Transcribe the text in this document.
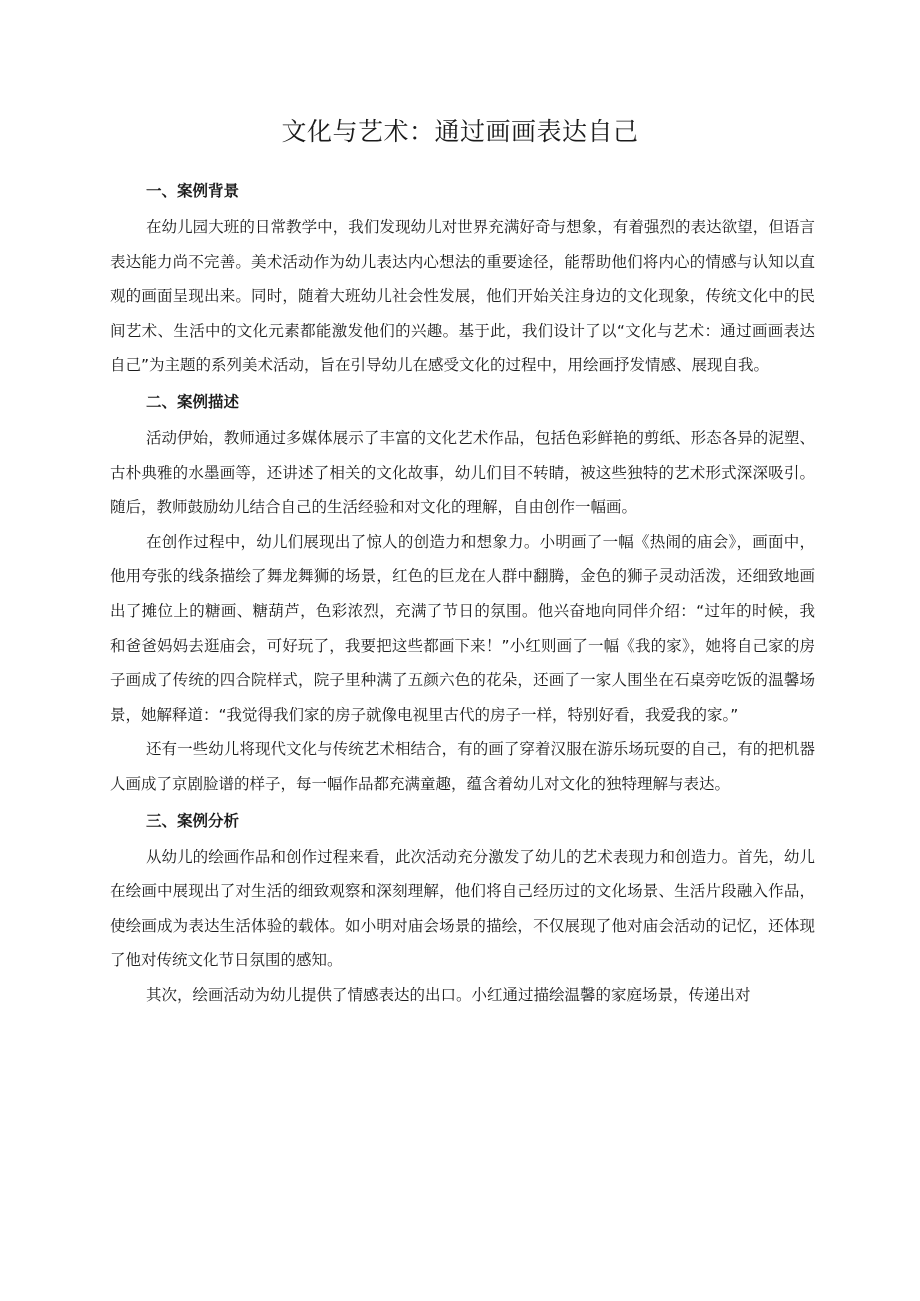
文化与艺术：通过画画表达自己
一、案例背景

在幼儿园大班的日常教学中，我们发现幼儿对世界充满好奇与想象，有着强烈的表达欲望，但语言表达能力尚不完善。美术活动作为幼儿表达内心想法的重要途径，能帮助他们将内心的情感与认知以直观的画面呈现出来。同时，随着大班幼儿社会性发展，他们开始关注身边的文化现象，传统文化中的民间艺术、生活中的文化元素都能激发他们的兴趣。基于此，我们设计了以“文化与艺术：通过画画表达自己”为主题的系列美术活动，旨在引导幼儿在感受文化的过程中，用绘画抒发情感、展现自我。

二、案例描述

活动伊始，教师通过多媒体展示了丰富的文化艺术作品，包括色彩鲜艳的剪纸、形态各异的泥塑、古朴典雅的水墨画等，还讲述了相关的文化故事，幼儿们目不转睛，被这些独特的艺术形式深深吸引。随后，教师鼓励幼儿结合自己的生活经验和对文化的理解，自由创作一幅画。

在创作过程中，幼儿们展现出了惊人的创造力和想象力。小明画了一幅《热闹的庙会》，画面中，他用夸张的线条描绘了舞龙舞狮的场景，红色的巨龙在人群中翻腾，金色的狮子灵动活泼，还细致地画出了摊位上的糖画、糖葫芦，色彩浓烈，充满了节日的氛围。他兴奋地向同伴介绍：“过年的时候，我和爸爸妈妈去逛庙会，可好玩了，我要把这些都画下来！”小红则画了一幅《我的家》，她将自己家的房子画成了传统的四合院样式，院子里种满了五颜六色的花朵，还画了一家人围坐在石桌旁吃饭的温馨场景，她解释道：“我觉得我们家的房子就像电视里古代的房子一样，特别好看，我爱我的家。”

还有一些幼儿将现代文化与传统艺术相结合，有的画了穿着汉服在游乐场玩耍的自己，有的把机器人画成了京剧脸谱的样子，每一幅作品都充满童趣，蕴含着幼儿对文化的独特理解与表达。

三、案例分析

从幼儿的绘画作品和创作过程来看，此次活动充分激发了幼儿的艺术表现力和创造力。首先，幼儿在绘画中展现出了对生活的细致观察和深刻理解，他们将自己经历过的文化场景、生活片段融入作品，使绘画成为表达生活体验的载体。如小明对庙会场景的描绘，不仅展现了他对庙会活动的记忆，还体现了他对传统文化节日氛围的感知。

其次，绘画活动为幼儿提供了情感表达的出口。小红通过描绘温馨的家庭场景，传递出对
